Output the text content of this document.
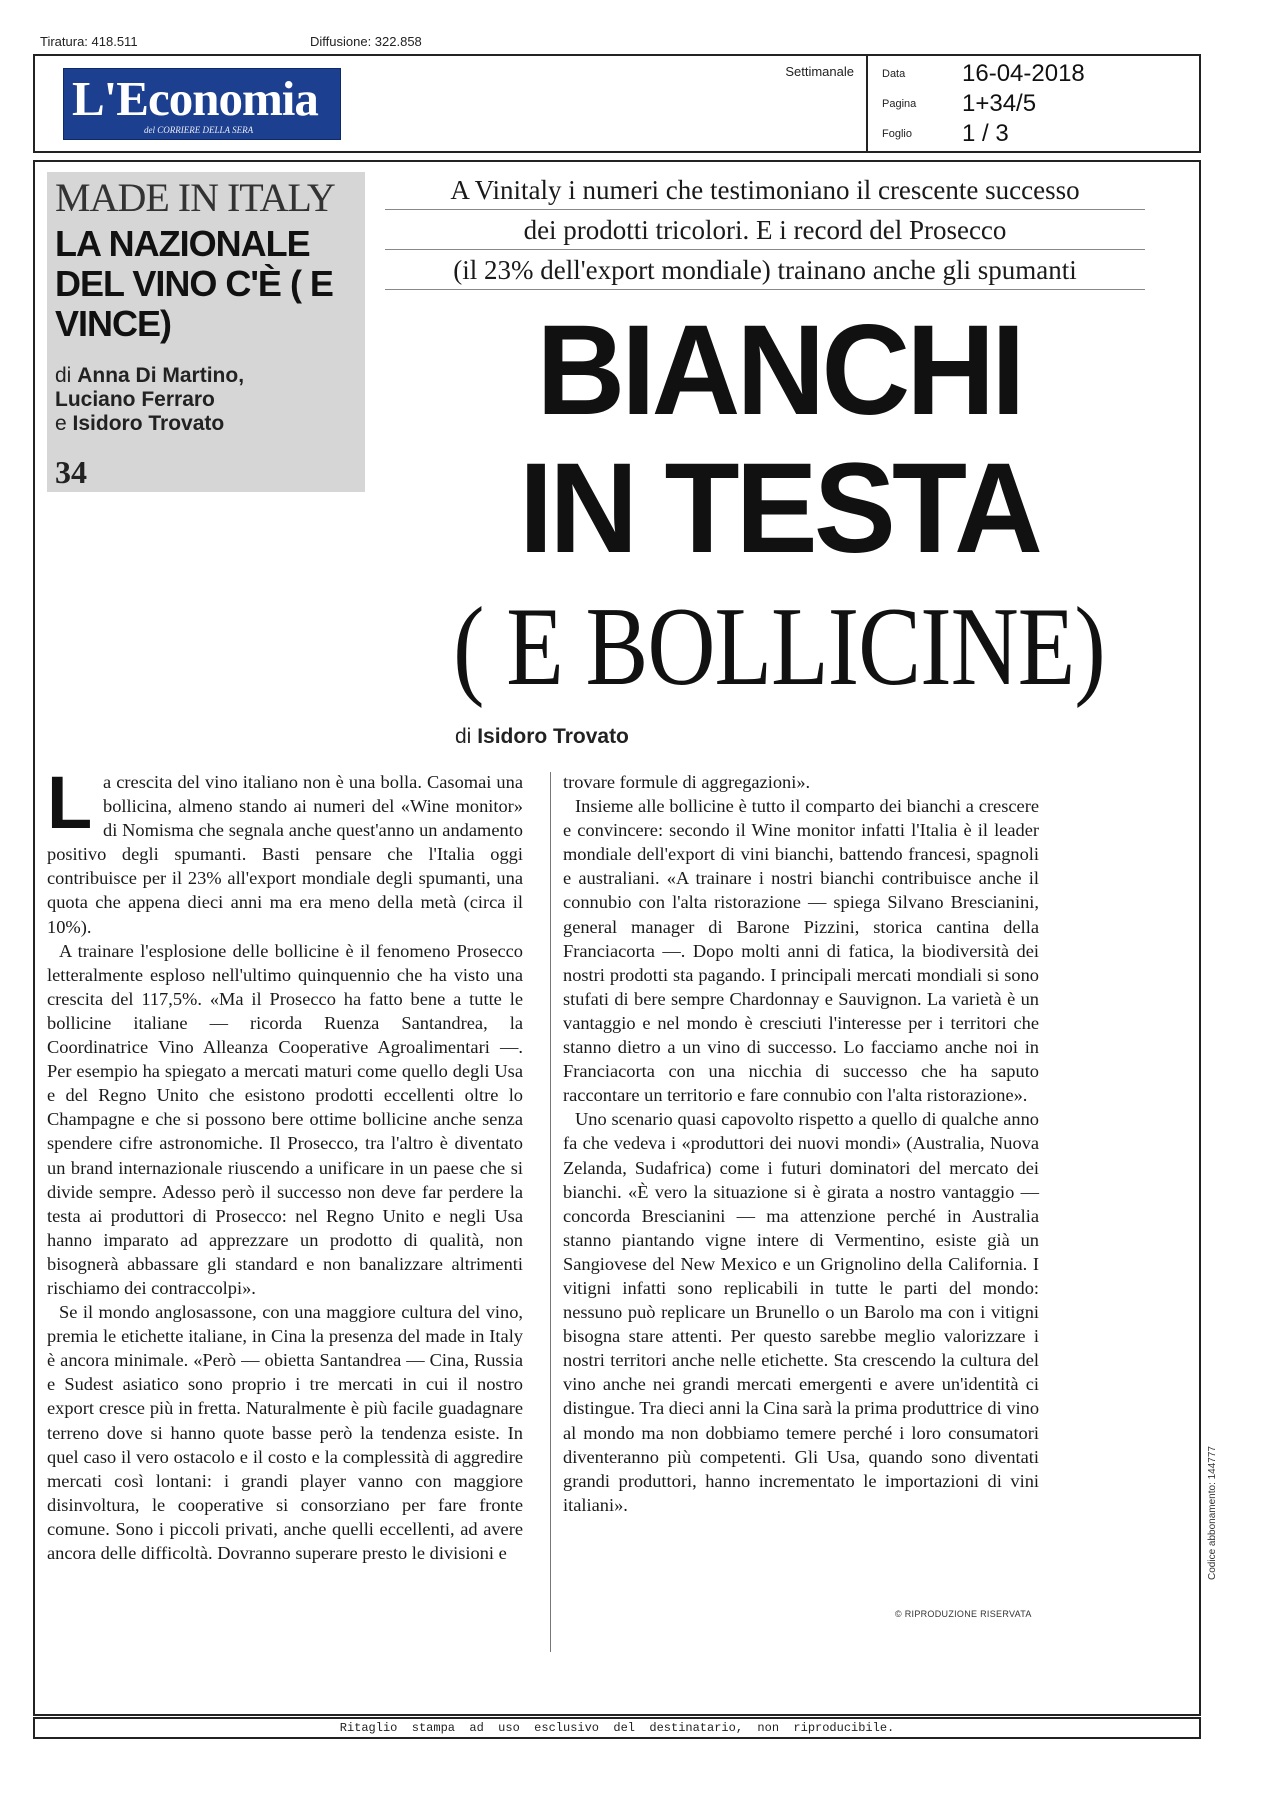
Tiratura: 418.511	Diffusione: 322.858
L'Economia
del CORRIERE DELLA SERA
Settimanale	Data 16-04-2018
Pagina 1+34/5
Foglio 1 / 3
MADE IN ITALY
LA NAZIONALE DEL VINO C'È ( E VINCE)
di Anna Di Martino,
Luciano Ferraro
e Isidoro Trovato
34
A Vinitaly i numeri che testimoniano il crescente successo
dei prodotti tricolori. E i record del Prosecco
(il 23% dell'export mondiale) trainano anche gli spumanti
BIANCHI
IN TESTA
( E BOLLICINE)
di Isidoro Trovato

La crescita del vino italiano non è una bolla. Casomai una bollicina, almeno stando ai numeri del «Wine monitor» di Nomisma che segnala anche quest'anno un andamento positivo degli spumanti. Basti pensare che l'Italia oggi contribuisce per il 23% all'export mondiale degli spumanti, una quota che appena dieci anni ma era meno della metà (circa il 10%).

A trainare l'esplosione delle bollicine è il fenomeno Prosecco letteralmente esploso nell'ultimo quinquennio che ha visto una crescita del 117,5%. «Ma il Prosecco ha fatto bene a tutte le bollicine italiane — ricorda Ruenza Santandrea, la Coordinatrice Vino Alleanza Cooperative Agroalimentari —. Per esempio ha spiegato a mercati maturi come quello degli Usa e del Regno Unito che esistono prodotti eccellenti oltre lo Champagne e che si possono bere ottime bollicine anche senza spendere cifre astronomiche. Il Prosecco, tra l'altro è diventato un brand internazionale riuscendo a unificare in un paese che si divide sempre. Adesso però il successo non deve far perdere la testa ai produttori di Prosecco: nel Regno Unito e negli Usa hanno imparato ad apprezzare un prodotto di qualità, non bisognerà abbassare gli standard e non banalizzare altrimenti rischiamo dei contraccolpi».

Se il mondo anglosassone, con una maggiore cultura del vino, premia le etichette italiane, in Cina la presenza del made in Italy è ancora minimale. «Però — obietta Santandrea — Cina, Russia e Sudest asiatico sono proprio i tre mercati in cui il nostro export cresce più in fretta. Naturalmente è più facile guadagnare terreno dove si hanno quote basse però la tendenza esiste. In quel caso il vero ostacolo e il costo e la complessità di aggredire mercati così lontani: i grandi player vanno con maggiore disinvoltura, le cooperative si consorziano per fare fronte comune. Sono i piccoli privati, anche quelli eccellenti, ad avere ancora delle difficoltà. Dovranno superare presto le divisioni e

trovare formule di aggregazioni».

Insieme alle bollicine è tutto il comparto dei bianchi a crescere e convincere: secondo il Wine monitor infatti l'Italia è il leader mondiale dell'export di vini bianchi, battendo francesi, spagnoli e australiani. «A trainare i nostri bianchi contribuisce anche il connubio con l'alta ristorazione — spiega Silvano Brescianini, general manager di Barone Pizzini, storica cantina della Franciacorta —. Dopo molti anni di fatica, la biodiversità dei nostri prodotti sta pagando. I principali mercati mondiali si sono stufati di bere sempre Chardonnay e Sauvignon. La varietà è un vantaggio e nel mondo è cresciuti l'interesse per i territori che stanno dietro a un vino di successo. Lo facciamo anche noi in Franciacorta con una nicchia di successo che ha saputo raccontare un territorio e fare connubio con l'alta ristorazione».

Uno scenario quasi capovolto rispetto a quello di qualche anno fa che vedeva i «produttori dei nuovi mondi» (Australia, Nuova Zelanda, Sudafrica) come i futuri dominatori del mercato dei bianchi. «È vero la situazione si è girata a nostro vantaggio — concorda Brescianini — ma attenzione perché in Australia stanno piantando vigne intere di Vermentino, esiste già un Sangiovese del New Mexico e un Grignolino della California. I vitigni infatti sono replicabili in tutte le parti del mondo: nessuno può replicare un Brunello o un Barolo ma con i vitigni bisogna stare attenti. Per questo sarebbe meglio valorizzare i nostri territori anche nelle etichette. Sta crescendo la cultura del vino anche nei grandi mercati emergenti e avere un'identità ci distingue. Tra dieci anni la Cina sarà la prima produttrice di vino al mondo ma non dobbiamo temere perché i loro consumatori diventeranno più competenti. Gli Usa, quando sono diventati grandi produttori, hanno incrementato le importazioni di vini italiani».

© RIPRODUZIONE RISERVATA
Codice abbonamento: 144777
Ritaglio  stampa  ad  uso  esclusivo  del  destinatario,  non  riproducibile.
